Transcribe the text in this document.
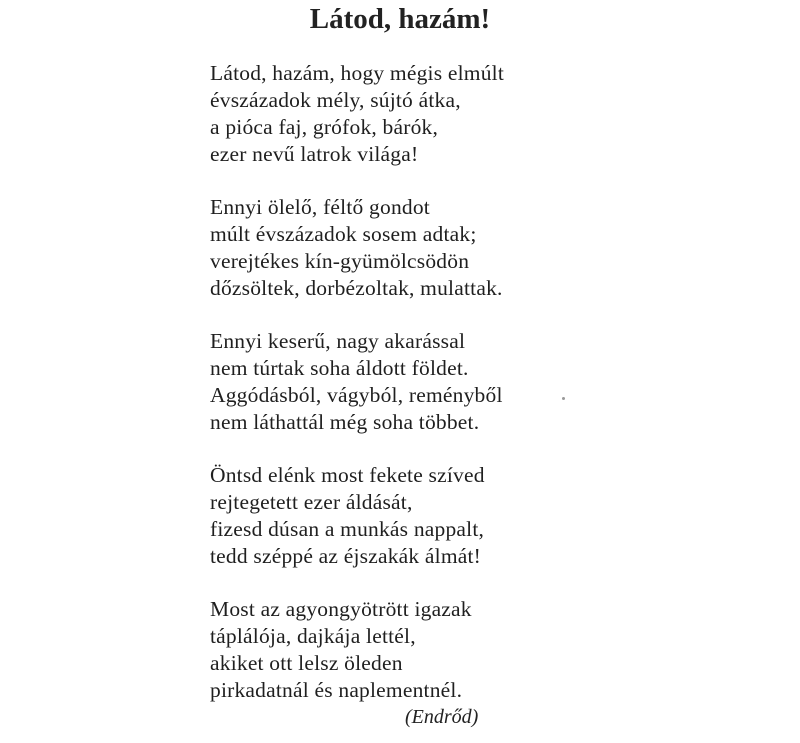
Látod, hazám!
Látod, hazám, hogy mégis elmúlt
évszázadok mély, sújtó átka,
a pióca faj, grófok, bárók,
ezer nevű latrok világa!
Ennyi ölelő, féltő gondot
múlt évszázadok sosem adtak;
verejtékes kín-gyümölcsödön
dőzsöltek, dorbézoltak, mulattak.
Ennyi keserű, nagy akarással
nem túrtak soha áldott földet.
Aggódásból, vágyból, reményből
nem láthattál még soha többet.
Öntsd elénk most fekete szíved
rejtegetett ezer áldását,
fizesd dúsan a munkás nappalt,
tedd széppé az éjszakák álmát!
Most az agyongyötrött igazak
táplálója, dajkája lettél,
akiket ott lelsz öleden
pirkadatnál és naplementnél.
(Endrőd)
